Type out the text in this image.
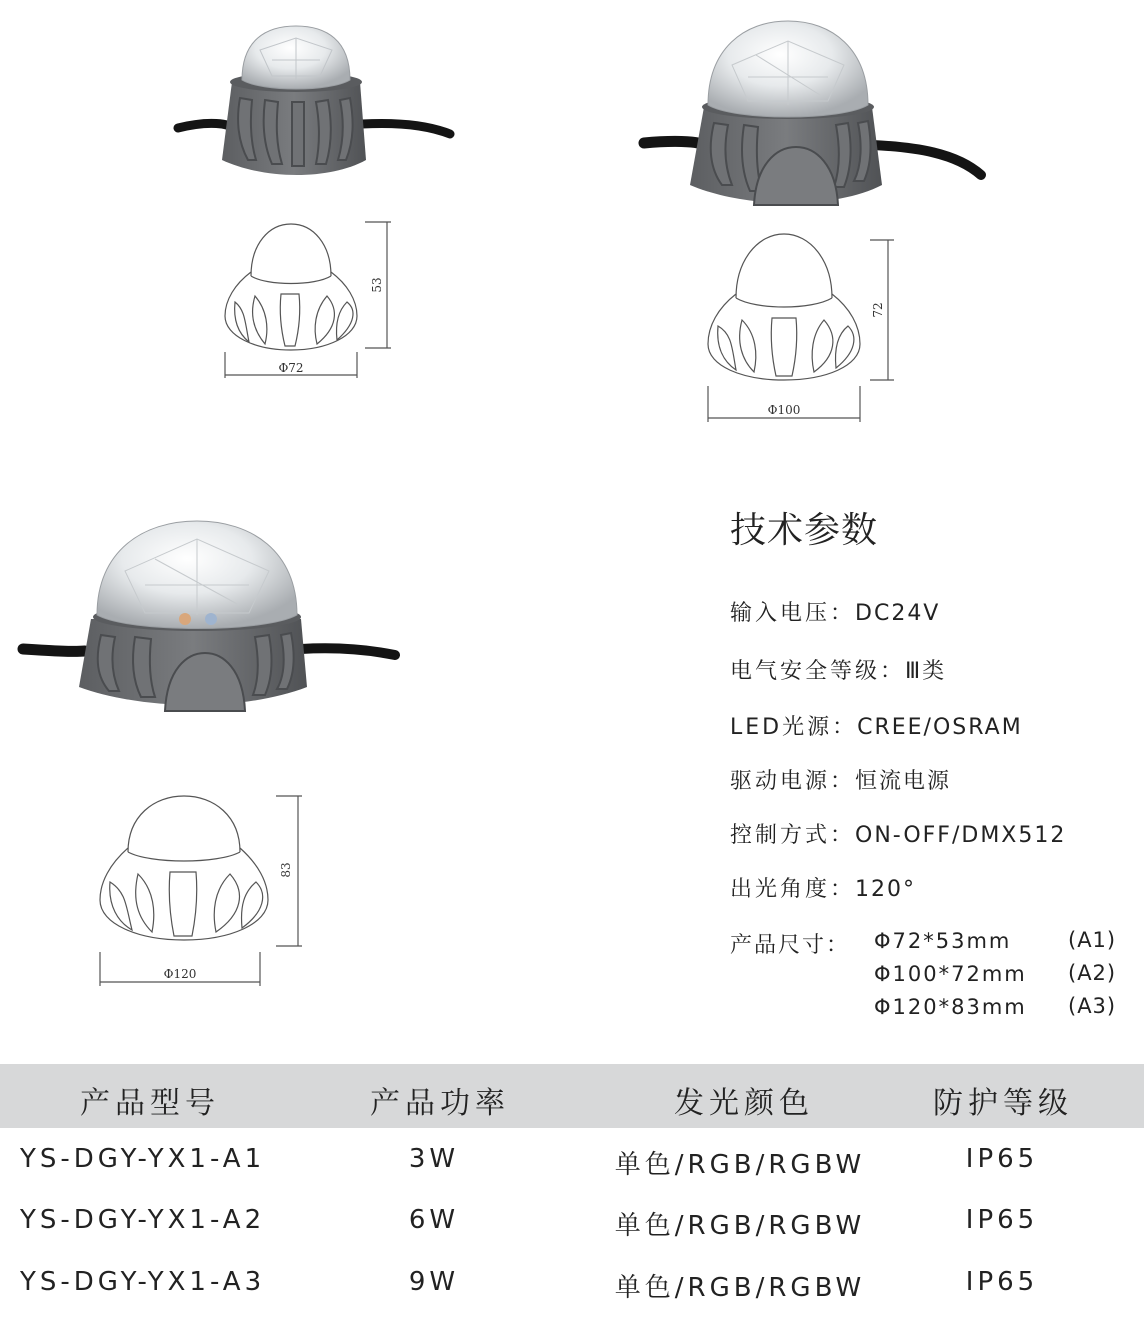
53
Φ72
72
Φ100
83
Φ120
技术参数
输入电压：DC24V
电气安全等级：Ⅲ类
LED光源：CREE/OSRAM
驱动电源：恒流电源
控制方式：ON-OFF/DMX512
出光角度：120°
产品尺寸： Φ72*53mm	(A1)
Φ100*72mm (A2)
Φ120*83mm (A3)
产品型号	产品功率	发光颜色	防护等级
YS-DGY-YX1-A1	3W	单色/RGB/RGBW	IP65
YS-DGY-YX1-A2	6W	单色/RGB/RGBW	IP65
YS-DGY-YX1-A3	9W	单色/RGB/RGBW	IP65
